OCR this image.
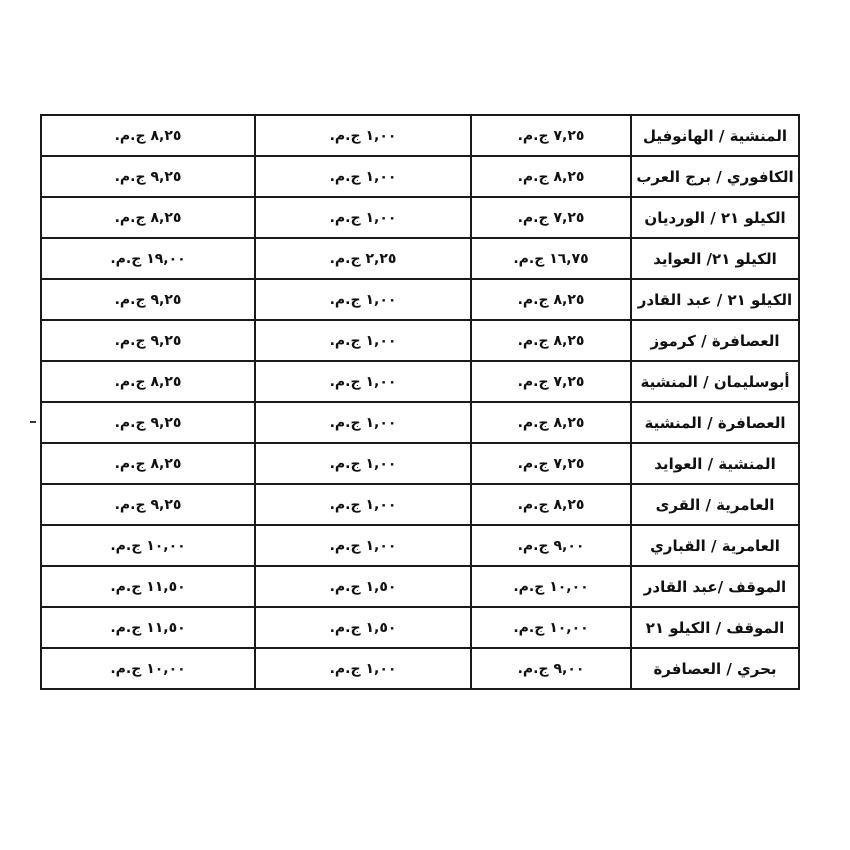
٨,٢٥ ج.م.	١,٠٠ ج.م.	٧,٢٥ ج.م.	المنشية / الهانوفيل
٩,٢٥ ج.م.	١,٠٠ ج.م.	٨,٢٥ ج.م.	الكافوري / برج العرب
٨,٢٥ ج.م.	١,٠٠ ج.م.	٧,٢٥ ج.م.	الكيلو ٢١ / الورديان
١٩,٠٠ ج.م.	٢,٢٥ ج.م.	١٦,٧٥ ج.م.	الكيلو ٢١/ العوايد
٩,٢٥ ج.م.	١,٠٠ ج.م.	٨,٢٥ ج.م.	الكيلو ٢١ / عبد القادر
٩,٢٥ ج.م.	١,٠٠ ج.م.	٨,٢٥ ج.م.	العصافرة / كرموز
٨,٢٥ ج.م.	١,٠٠ ج.م.	٧,٢٥ ج.م.	أبوسليمان / المنشية
٩,٢٥ ج.م.	١,٠٠ ج.م.	٨,٢٥ ج.م.	العصافرة / المنشية
٨,٢٥ ج.م.	١,٠٠ ج.م.	٧,٢٥ ج.م.	المنشية / العوايد
٩,٢٥ ج.م.	١,٠٠ ج.م.	٨,٢٥ ج.م.	العامرية / القرى
١٠,٠٠ ج.م.	١,٠٠ ج.م.	٩,٠٠ ج.م.	العامرية / القباري
١١,٥٠ ج.م.	١,٥٠ ج.م.	١٠,٠٠ ج.م.	الموقف /عبد القادر
١١,٥٠ ج.م.	١,٥٠ ج.م.	١٠,٠٠ ج.م.	الموقف / الكيلو ٢١
١٠,٠٠ ج.م.	١,٠٠ ج.م.	٩,٠٠ ج.م.	بحري / العصافرة
